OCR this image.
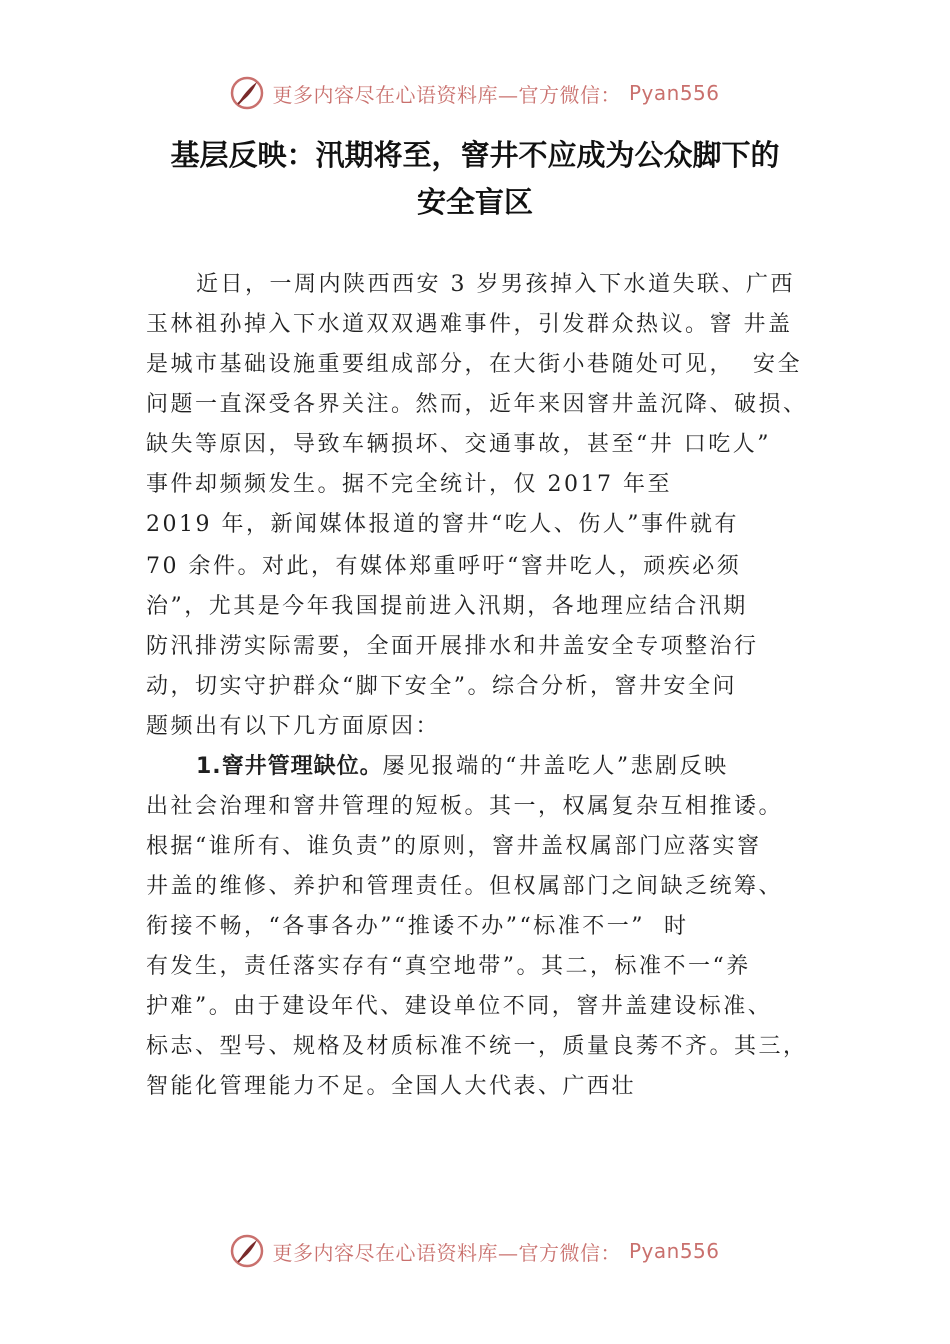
更多内容尽在心语资料库—官方微信： Pyan556
基层反映：汛期将至，窨井不应成为公众脚下的
安全盲区
近日，一周内陕西西安 3 岁男孩掉入下水道失联、广西
玉林祖孙掉入下水道双双遇难事件，引发群众热议。窨 井盖
是城市基础设施重要组成部分，在大街小巷随处可见，  安全
问题一直深受各界关注。然而，近年来因窨井盖沉降、破损、
缺失等原因，导致车辆损坏、交通事故，甚至“井 口吃人”
事件却频频发生。据不完全统计，仅 2017 年至
2019 年，新闻媒体报道的窨井“吃人、伤人”事件就有
70 余件。对此，有媒体郑重呼吁“窨井吃人，顽疾必须
治”，尤其是今年我国提前进入汛期，各地理应结合汛期
防汛排涝实际需要，全面开展排水和井盖安全专项整治行
动，切实守护群众“脚下安全”。综合分析，窨井安全问
题频出有以下几方面原因：
1.窨井管理缺位。屡见报端的“井盖吃人”悲剧反映
出社会治理和窨井管理的短板。其一，权属复杂互相推诿。
根据“谁所有、谁负责”的原则，窨井盖权属部门应落实窨
井盖的维修、养护和管理责任。但权属部门之间缺乏统筹、
衔接不畅，“各事各办”“推诿不办”“标准不一”  时
有发生，责任落实存有“真空地带”。其二，标准不一“养
护难”。由于建设年代、建设单位不同，窨井盖建设标准、
标志、型号、规格及材质标准不统一，质量良莠不齐。其三，
智能化管理能力不足。全国人大代表、广西壮
更多内容尽在心语资料库—官方微信： Pyan556
